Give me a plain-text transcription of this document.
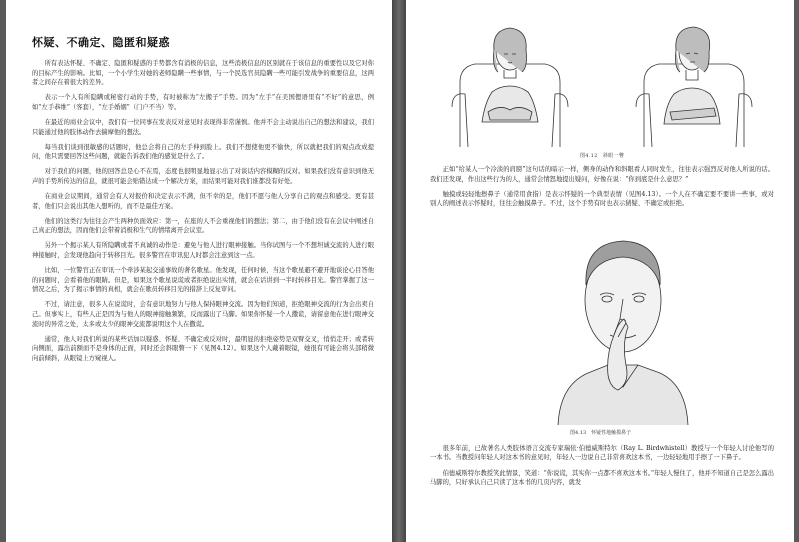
怀疑、不确定、隐匿和疑惑

所有表达怀疑、不确定、隐匿和疑惑的手势都含有消极的信息，这些消极信息的区别就在于该信息的重要性以及它对你的目标产生的影响。比如，一个小学生对她的老师隐瞒一些事情，与一个民选官员隐瞒一些可能引发战争的重要信息，这两者之间存在着很大的差异。

表示一个人有所隐瞒或秘密行动的手势，有时被称为“左搬子”手势。因为“左手”在美国俚语里有“不好”的意思，例如“左手恭维”（客套），“左手婚姻”（门户不当）等。

在最近的商业会议中，我们有一位同事在发表反对意见时表现得非常谨慎。他并不会主动说出自己的想法和建议，我们只能通过他的肢体动作去揣摩他的想法。

每当我们谈到很敏感的话题时，他总会将自己的左手伸到脸上。我们不想使他更不愉快，所以就把我们的观点改成提问，他只需要回答这些问题，就能告诉我们他的感觉是什么了。

对于我们的问题，他的回答总是心不在焉，态度也很明显地显示出了对谈话内容模糊的反对。如果我们没有意识到他无声的手势所传达的信息，就很可能会贴错达成一个解决方案，而结果可能对我们谁都没有好处。

在商业会议期间，通常会有人对报价和决定表示不满，但不幸的是，他们不愿与他人分享自己的观点和感受。更有甚者，他们只会说出其他人想听的，而不是最佳方案。

他们的这类行为往往会产生两种负面效应：第一，在座的人不会重视他们的想法；第二，由于他们没有在会议中阐述自己真正的想法，因而他们会带着消极和生气的情绪离开会议室。

另外一个揭示某人有所隐瞒或者不真诚的动作是：避免与他人进行眼神接触。当你试图与一个不想坦诚交流的人进行眼神接触时，会发现他趋向于转移目光。很多警官在审讯犯人时都会注意到这一点。

比如，一位警官正在审讯一个牵涉某起交通事故的著名歌星。他发现，任何时候，当这个歌星避不避开地谈论心目答他的问题时，会看着他的眼睛。但是，如果这个歌星说谎或者拒绝说出实情，就会在话讲到一半时转移目光。警官掌握了这一情况之后，为了揭示事情的真相，就会在歌员转移目光的措辞上反复审问。

不过，请注意，很多人在说谎时，会有意识地努力与他人保持眼神交流。因为他们知道，拒绝眼神交流的行为会出卖自己。但事实上，有些人正是因为与他人的眼神接触频繁，反而露出了马脚。如果你怀疑一个人撒谎，请留意他在进行眼神交流时的异常之处，太多或太少的眼神交流都说明这个人在撒谎。

通常，他人对我们所说的某些话加以疑惑、怀疑、不确定或反对时，最明显的拒绝姿势是双臂交叉，悄悄走开；或者转向侧面，露出前额而不是身体的正面，同时还会斜眼瞥一下（见图4.12）。如果这个人戴着眼镜，她很有可能会将头部稍微向前倾斜，从眼镜上方窥视人。

图4.12　斜眼一瞥

正如“给某人一个冷淡的肩膀”这句话的暗示一样，侧身的动作和斜眼看人同时发生，往往表示强烈反对他人所说的话。我们还发现，作出这些行为的人，通常会情怒地提出疑问，好像在说：“你到底是什么意思？”

触摸或轻轻地擦鼻子（通常用食指）是表示怀疑的一个典型表情（见图4.13）。一个人在不确定要不要讲一些事，或对别人的阐述表示怀疑时，往往会触摸鼻子。不过，这个手势有时也表示猜疑、不确定或拒绝。

图4.13　怀疑性地触摸鼻子

很多年前，已故著名人类肢体语言交流专家瑞依·伯德威斯特尔（Ray L. Birdwhistell）教授与一个年轻人讨论他写的一本书。当教授问年轻人对这本书的意见时，年轻人一边说自己非常喜欢这本书，一边轻轻地用手擦了一下鼻子。

伯德威斯特尔教授笑此情景，笑道：“你说谎，其实你一点都不喜欢这本书。”年轻人慢住了，他并不知道自己是怎么露出马脚的，只好承认自己只读了这本书的几页内容，就发
